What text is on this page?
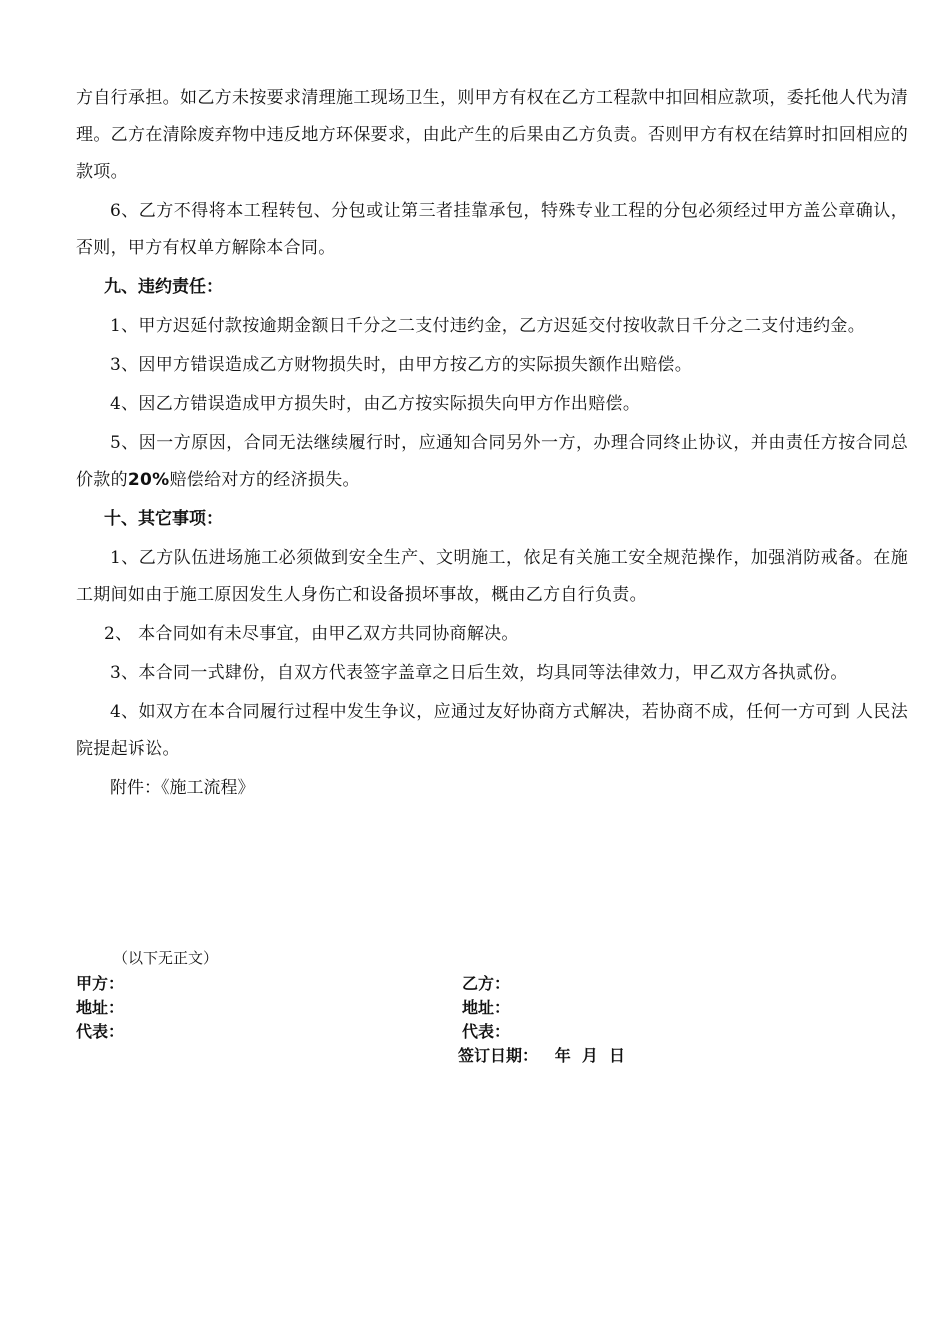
方自行承担。如乙方未按要求清理施工现场卫生，则甲方有权在乙方工程款中扣回相应款项，委托他人代为清理。乙方在清除废弃物中违反地方环保要求，由此产生的后果由乙方负责。否则甲方有权在结算时扣回相应的款项。

6、乙方不得将本工程转包、分包或让第三者挂靠承包，特殊专业工程的分包必须经过甲方盖公章确认，否则，甲方有权单方解除本合同。

九、违约责任：

1、甲方迟延付款按逾期金额日千分之二支付违约金，乙方迟延交付按收款日千分之二支付违约金。

3、因甲方错误造成乙方财物损失时，由甲方按乙方的实际损失额作出赔偿。

4、因乙方错误造成甲方损失时，由乙方按实际损失向甲方作出赔偿。

5、因一方原因，合同无法继续履行时，应通知合同另外一方，办理合同终止协议，并由责任方按合同总价款的20%赔偿给对方的经济损失。

十、其它事项：

1、乙方队伍进场施工必须做到安全生产、文明施工，依足有关施工安全规范操作，加强消防戒备。在施工期间如由于施工原因发生人身伤亡和设备损坏事故，概由乙方自行负责。

2、 本合同如有未尽事宜，由甲乙双方共同协商解决。

3、本合同一式肆份，自双方代表签字盖章之日后生效，均具同等法律效力，甲乙双方各执贰份。

4、如双方在本合同履行过程中发生争议，应通过友好协商方式解决，若协商不成，任何一方可到 人民法院提起诉讼。

附件：《施工流程》

（以下无正文）
甲方：	乙方：
地址：	地址：
代表：	代表：
签订日期：   年  月  日
